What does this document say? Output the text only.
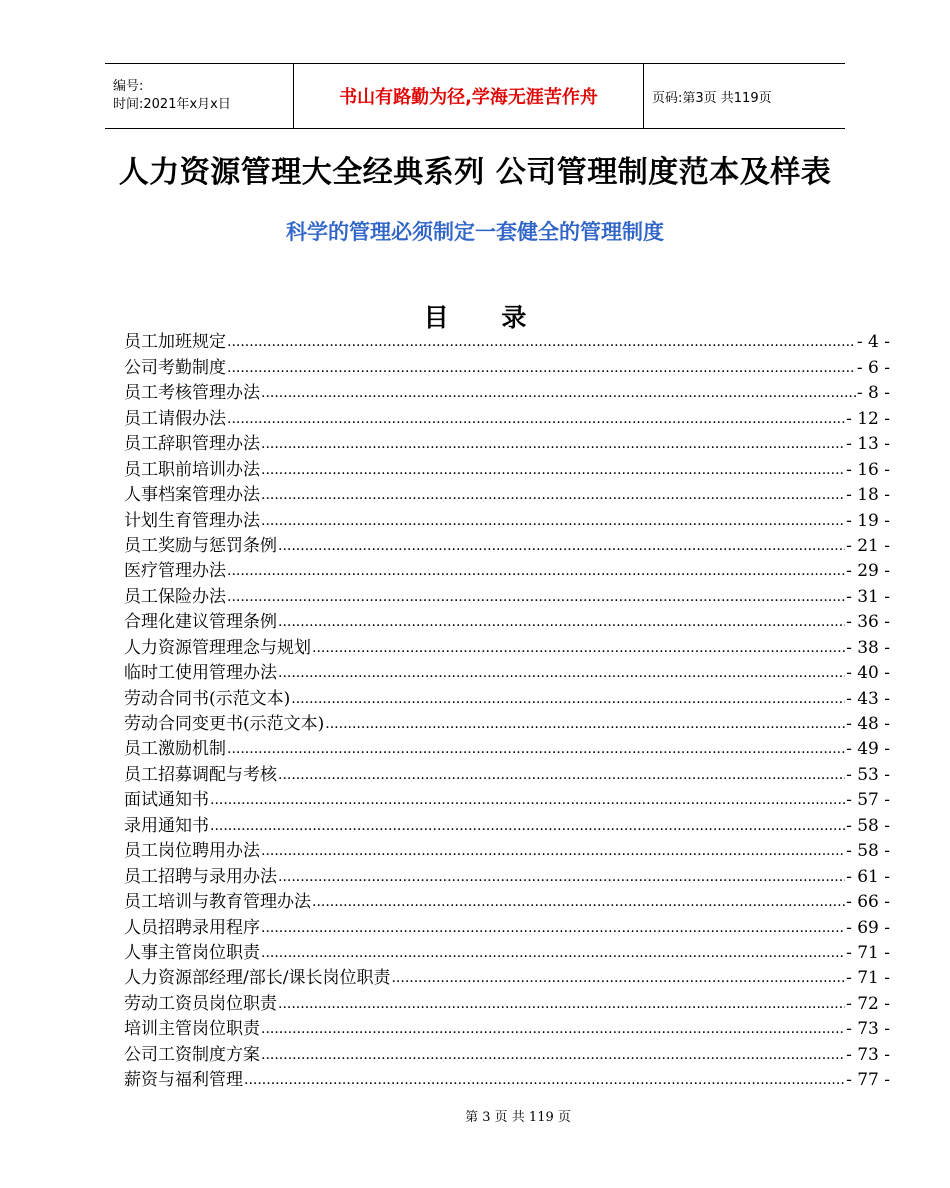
编号:
时间:2021年x月x日	书山有路勤为径,学海无涯苦作舟	页码:第3页 共119页
人力资源管理大全经典系列 公司管理制度范本及样表
科学的管理必须制定一套健全的管理制度
目 录
员工加班规定 .....	- 4 -
公司考勤制度 .....	- 6 -
员工考核管理办法 .....	- 8 -
员工请假办法 .....	- 12 -
员工辞职管理办法 .....	- 13 -
员工职前培训办法 .....	- 16 -
人事档案管理办法 .....	- 18 -
计划生育管理办法 .....	- 19 -
员工奖励与惩罚条例 .....	- 21 -
医疗管理办法 .....	- 29 -
员工保险办法 .....	- 31 -
合理化建议管理条例 .....	- 36 -
人力资源管理理念与规划 .....	- 38 -
临时工使用管理办法 .....	- 40 -
劳动合同书(示范文本) .....	- 43 -
劳动合同变更书(示范文本) .....	- 48 -
员工激励机制 .....	- 49 -
员工招募调配与考核 .....	- 53 -
面试通知书 .....	- 57 -
录用通知书 .....	- 58 -
员工岗位聘用办法 .....	- 58 -
员工招聘与录用办法 .....	- 61 -
员工培训与教育管理办法 .....	- 66 -
人员招聘录用程序 .....	- 69 -
人事主管岗位职责 .....	- 71 -
人力资源部经理/部长/课长岗位职责 .....	- 71 -
劳动工资员岗位职责 .....	- 72 -
培训主管岗位职责 .....	- 73 -
公司工资制度方案 .....	- 73 -
薪资与福利管理 .....	- 77 -
第 3 页 共 119 页
